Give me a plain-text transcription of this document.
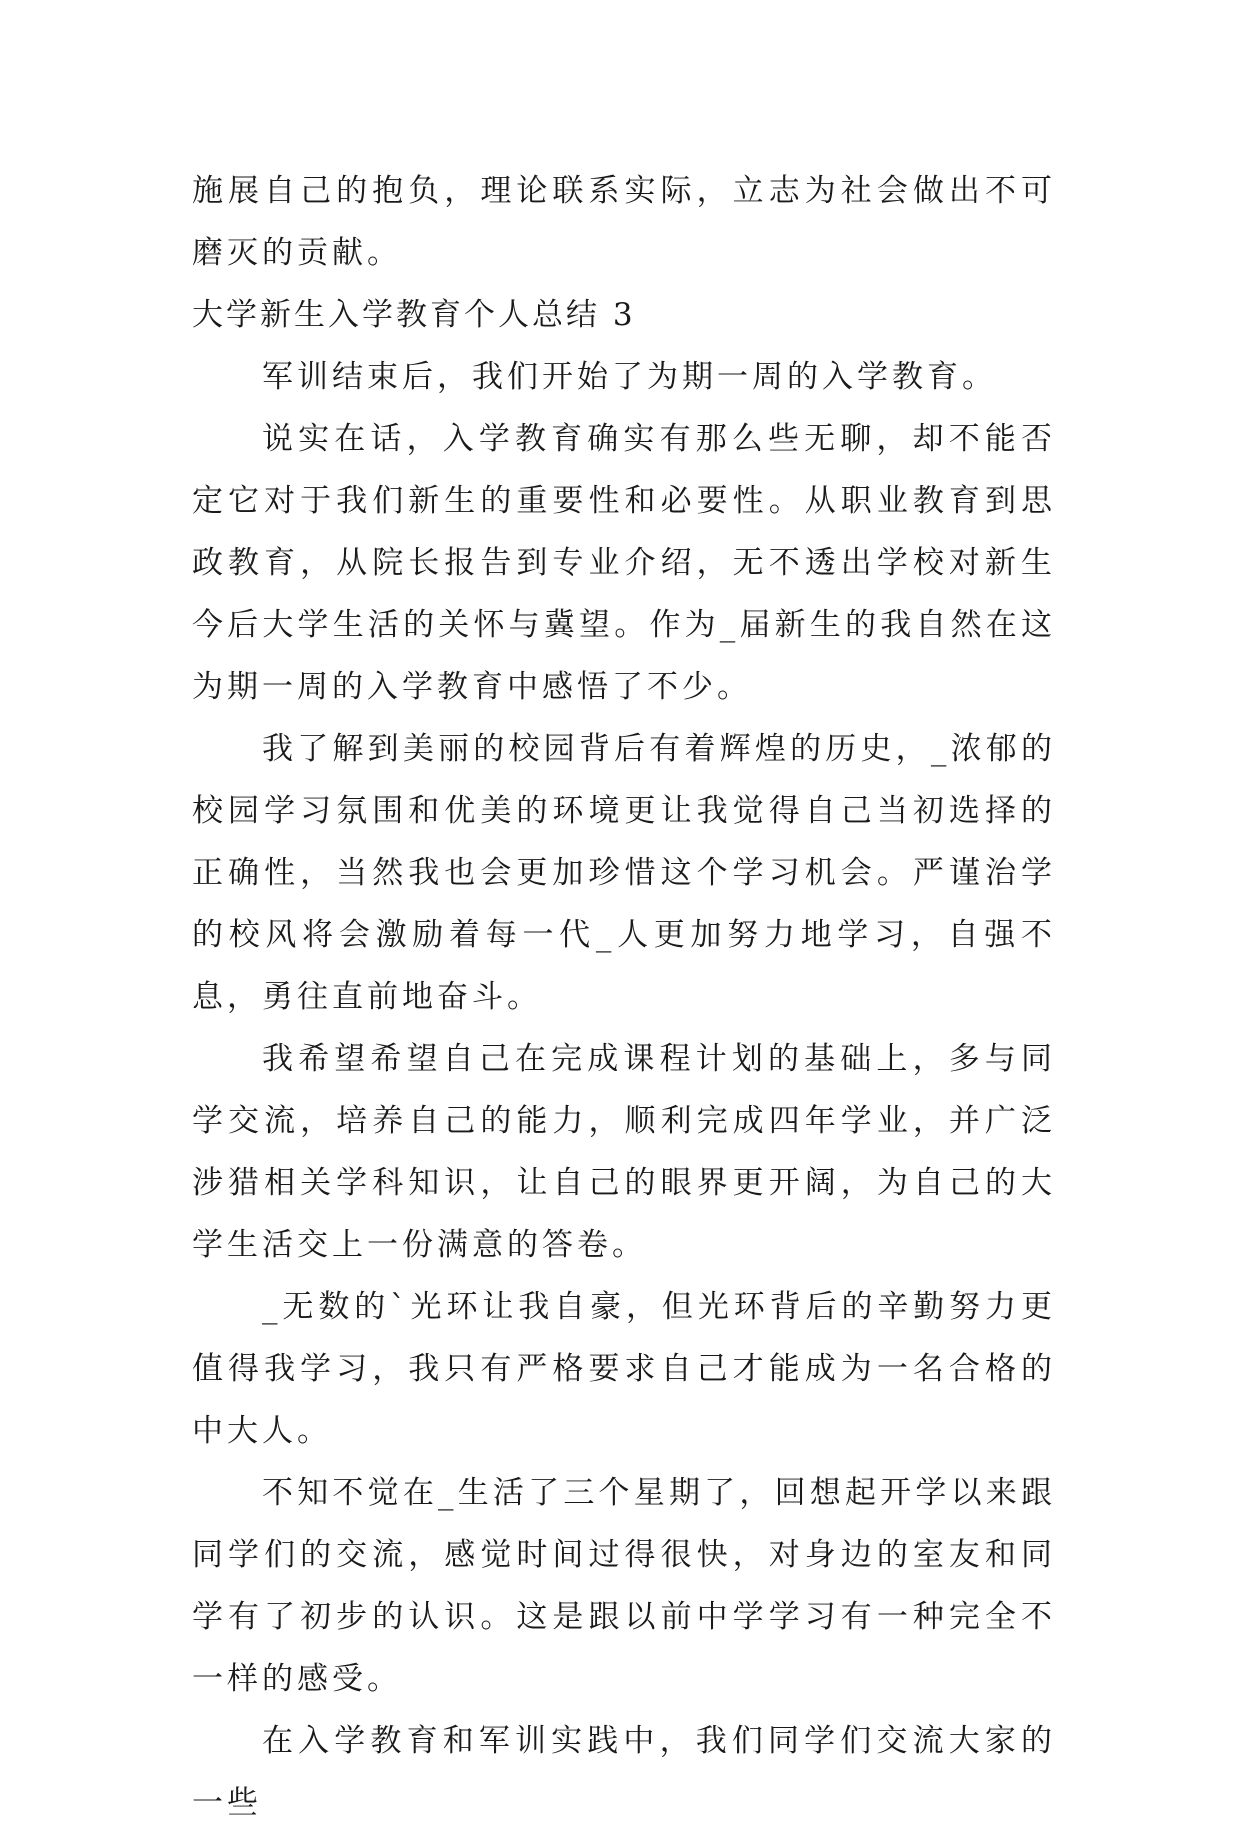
施展自己的抱负，理论联系实际，立志为社会做出不可磨灭的贡献。

大学新生入学教育个人总结 3

军训结束后，我们开始了为期一周的入学教育。

说实在话，入学教育确实有那么些无聊，却不能否定它对于我们新生的重要性和必要性。从职业教育到思政教育，从院长报告到专业介绍，无不透出学校对新生今后大学生活的关怀与冀望。作为_届新生的我自然在这为期一周的入学教育中感悟了不少。

我了解到美丽的校园背后有着辉煌的历史，_浓郁的校园学习氛围和优美的环境更让我觉得自己当初选择的正确性，当然我也会更加珍惜这个学习机会。严谨治学的校风将会激励着每一代_人更加努力地学习，自强不息，勇往直前地奋斗。

我希望希望自己在完成课程计划的基础上，多与同学交流，培养自己的能力，顺利完成四年学业，并广泛涉猎相关学科知识，让自己的眼界更开阔，为自己的大学生活交上一份满意的答卷。

_无数的`光环让我自豪，但光环背后的辛勤努力更值得我学习，我只有严格要求自己才能成为一名合格的中大人。

不知不觉在_生活了三个星期了，回想起开学以来跟同学们的交流，感觉时间过得很快，对身边的室友和同学有了初步的认识。这是跟以前中学学习有一种完全不一样的感受。

在入学教育和军训实践中，我们同学们交流大家的一些
